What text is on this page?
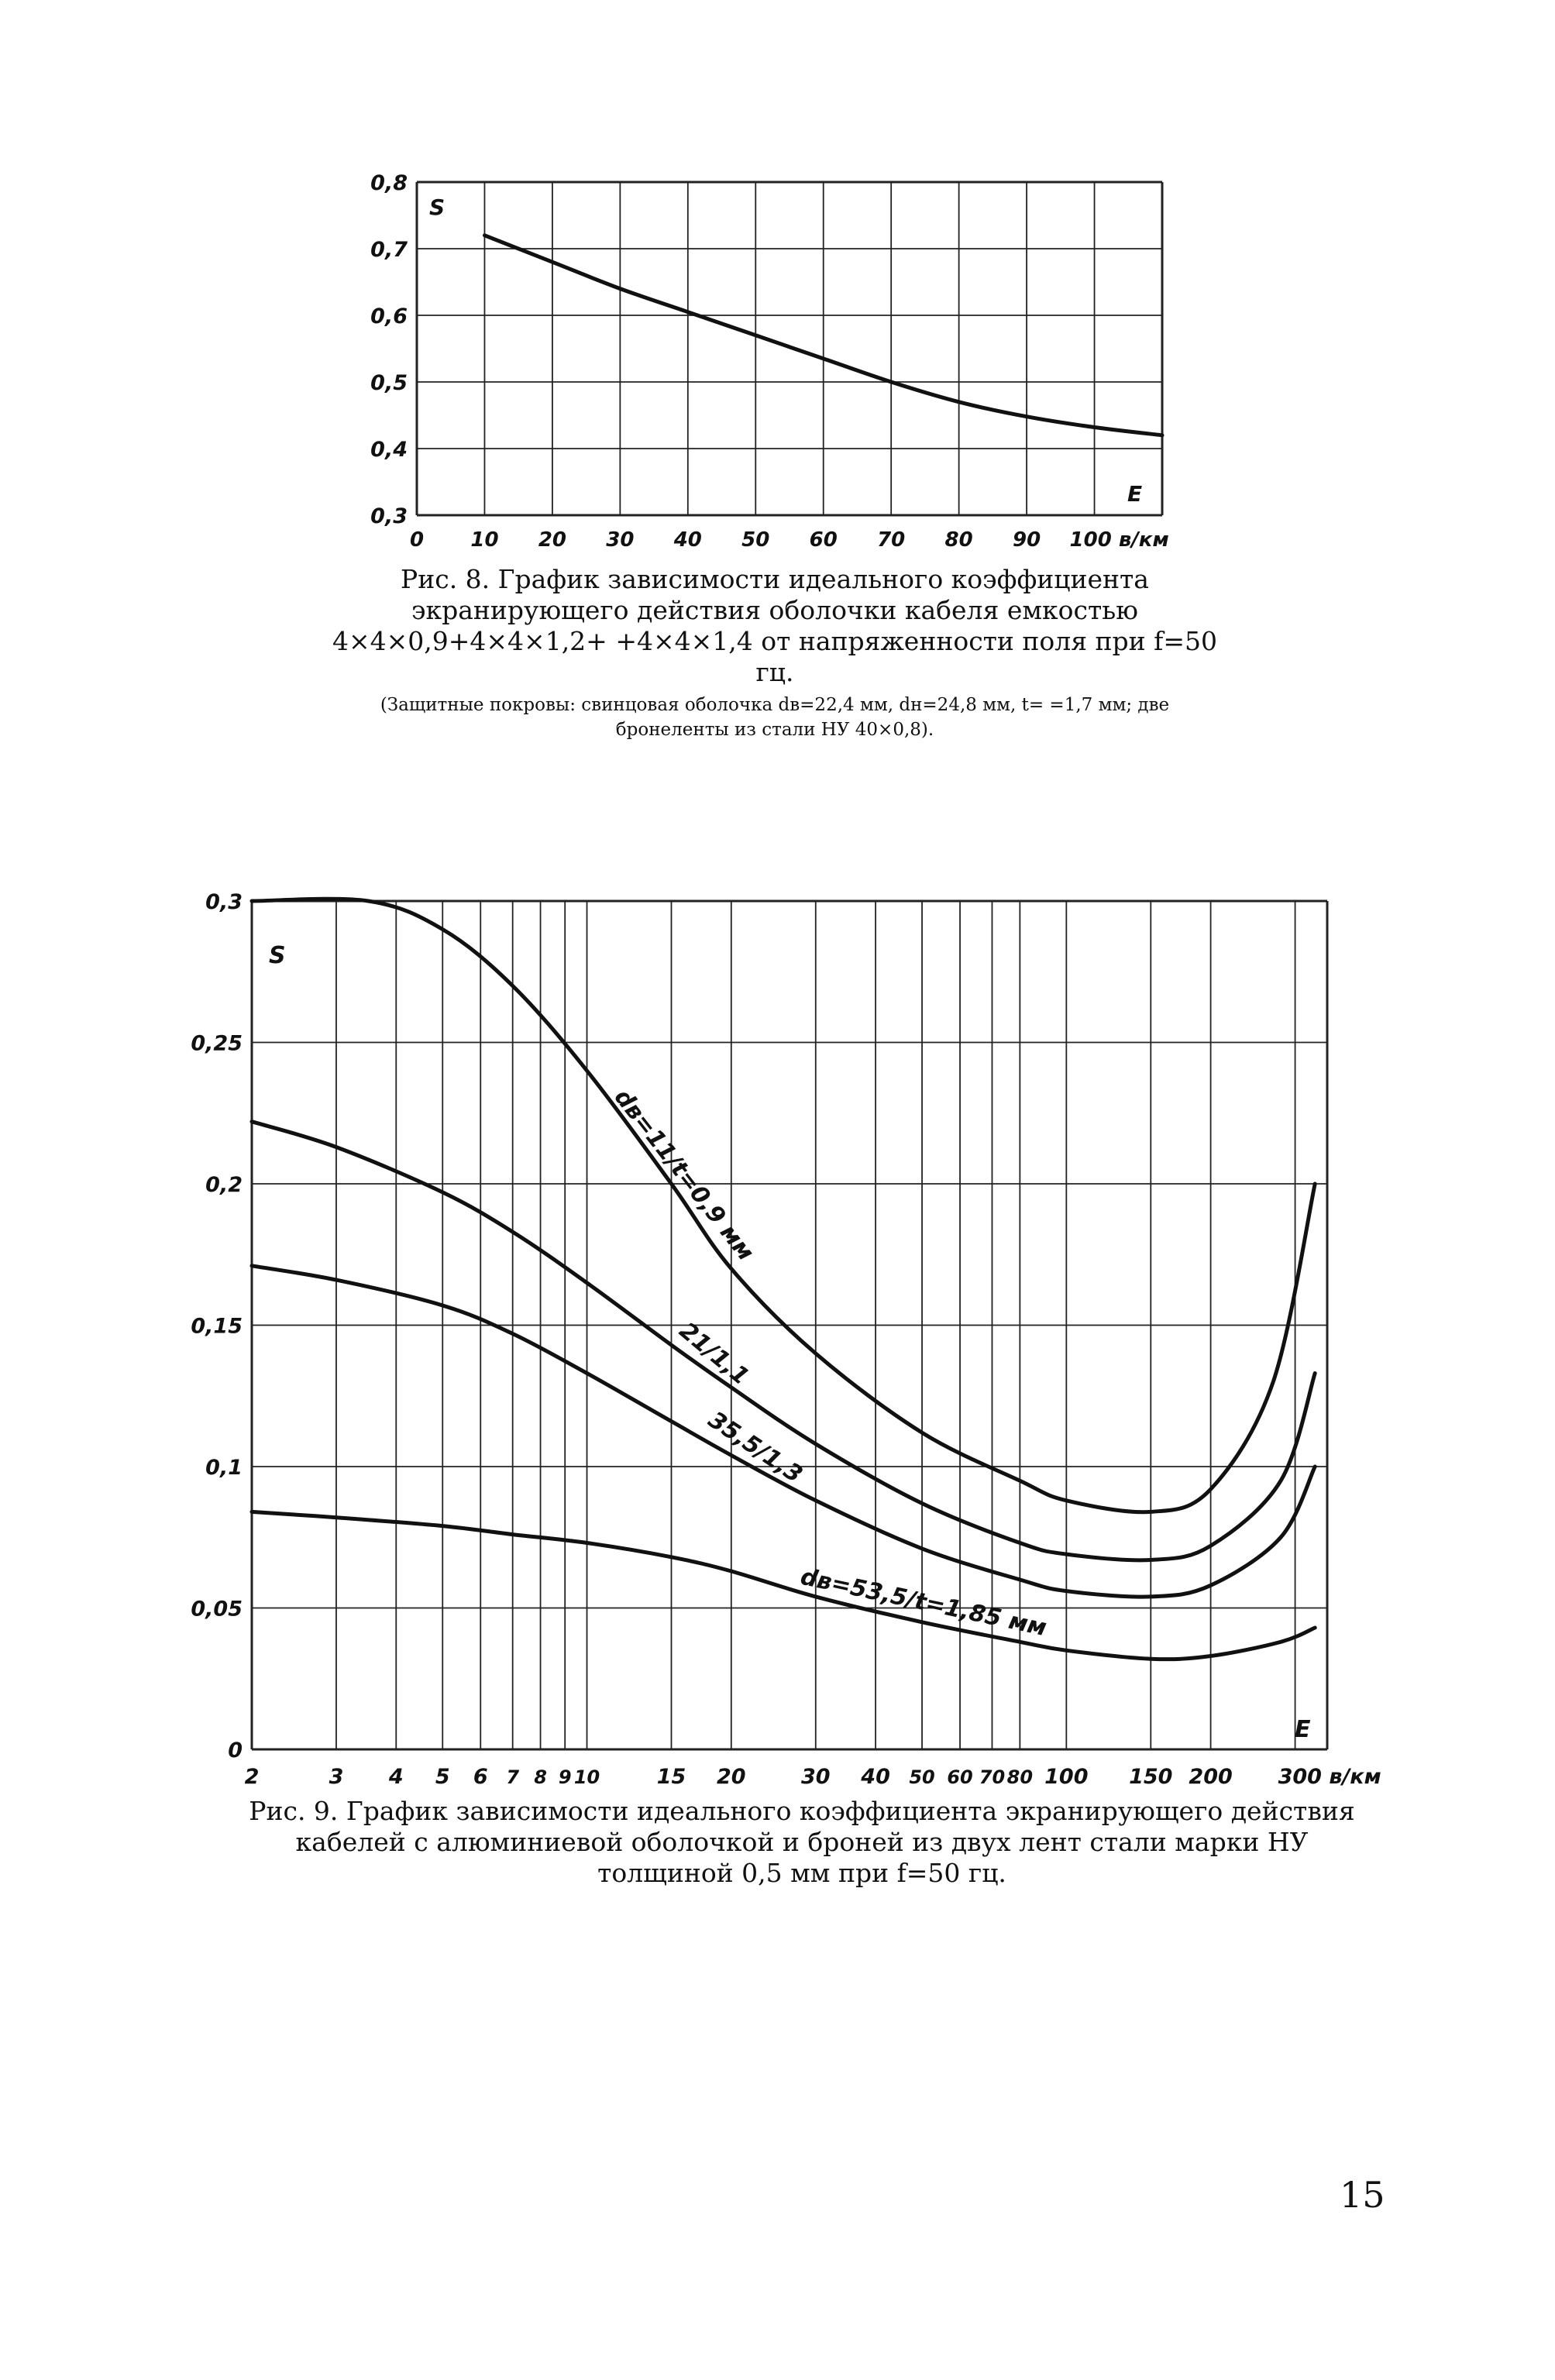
0 10 20 30 40 50 60 70 80 90 100 в/км
0,3
0,4
0,5
0,6
0,7
0,8
S
E
2	3 4 5 6 7 8 9 10	15 20	30 40 50 60 70 80 100 150 200 300 в/км
0
0,05
0,1
0,15
0,2
0,25
0,3
S
E
dв=11/t=0,9 мм
21/1,1
35,5/1,3
dв=53,5/t=1,85 мм
Рис. 8. График зависимости идеального коэффициента экранирующего действия оболочки кабеля емкостью 4×4×0,9+4×4×1,2+ +4×4×1,4 от напряженности поля при f=50 гц.
(Защитные покровы: свинцовая оболочка dв=22,4 мм, dн=24,8 мм, t= =1,7 мм; две бронеленты из стали НУ 40×0,8).
Рис. 9. График зависимости идеального коэффициента экранирующего действия кабелей с алюминиевой оболочкой и броней из двух лент стали марки НУ толщиной 0,5 мм при f=50 гц.
15
